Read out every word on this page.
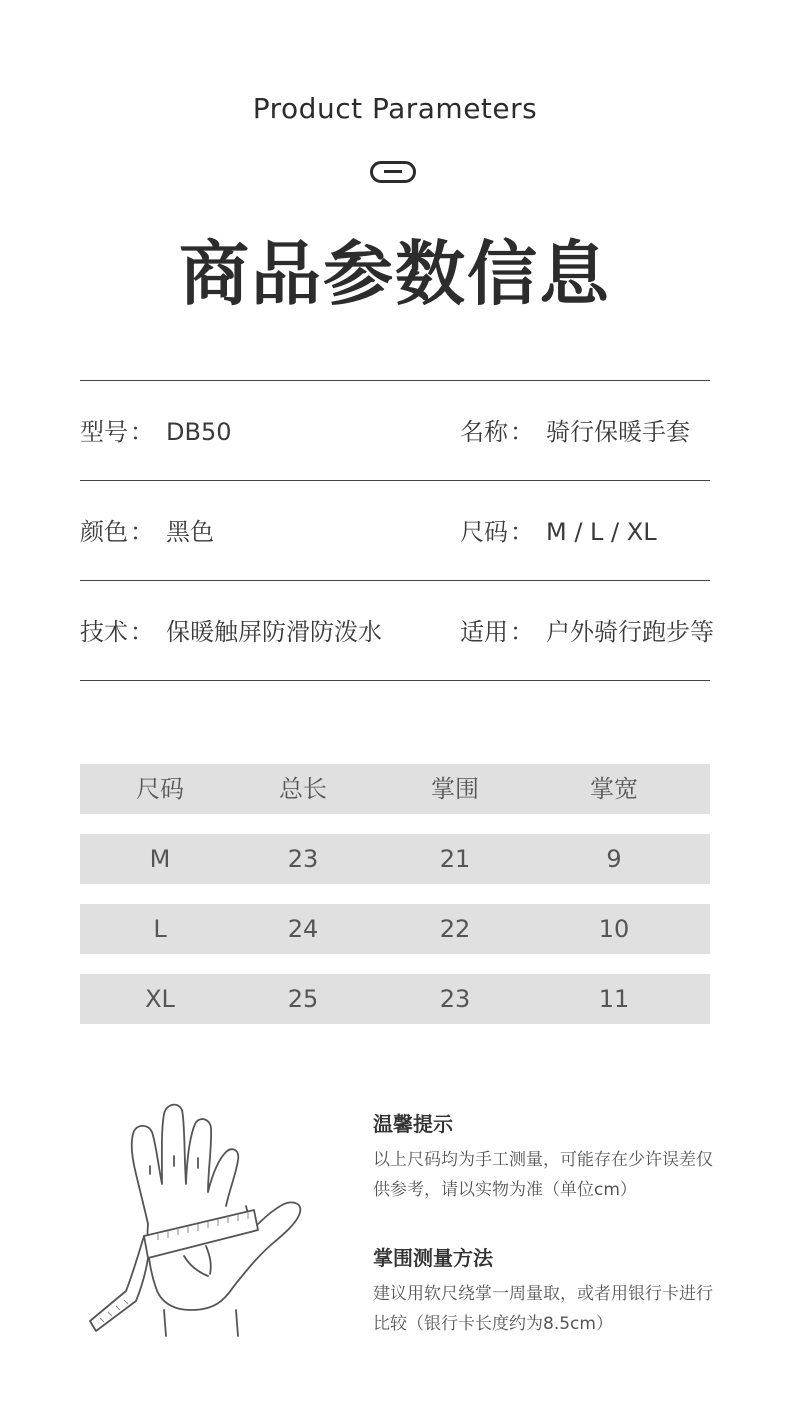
Product Parameters
商品参数信息
型号： DB50	名称： 骑行保暖手套
颜色： 黑色	尺码： M / L / XL
技术： 保暖触屏防滑防泼水	适用： 户外骑行跑步等
尺码	总长	掌围	掌宽
M	23	21	9
L	24	22	10
XL	25	23	11
温馨提示
以上尺码均为手工测量，可能存在少许误差仅供参考，请以实物为准（单位cm）
掌围测量方法
建议用软尺绕掌一周量取，或者用银行卡进行比较（银行卡长度约为8.5cm）
